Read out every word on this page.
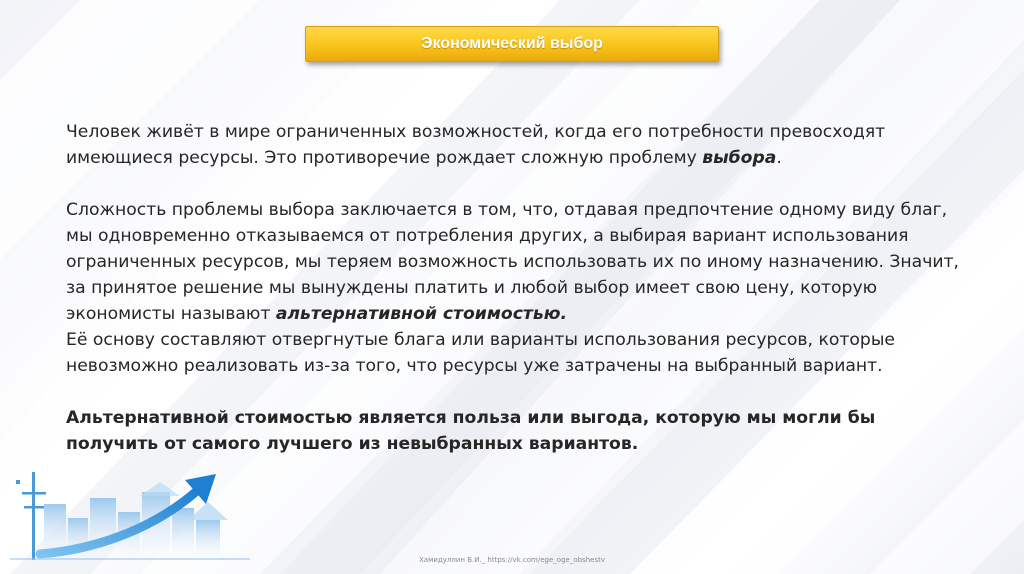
Экономический выбор

Человек живёт в мире ограниченных возможностей, когда его потребности превосходят имеющиеся ресурсы. Это противоречие рождает сложную проблему выбора.

Сложность проблемы выбора заключается в том, что, отдавая предпочтение одному виду благ, мы одновременно отказываемся от потребления других, а выбирая вариант использования ограниченных ресурсов, мы теряем возможность использовать их по иному назначению. Значит, за принятое решение мы вынуждены платить и любой выбор имеет свою цену, которую экономисты называют альтернативной стоимостью.

Её основу составляют отвергнутые блага или варианты использования ресурсов, которые невозможно реализовать из-за того, что ресурсы уже затрачены на выбранный вариант.

Альтернативной стоимостью является польза или выгода, которую мы могли бы получить от самого лучшего из невыбранных вариантов.

Хамидуллин Б.И._ https://vk.com/ege_oge_obshestv
